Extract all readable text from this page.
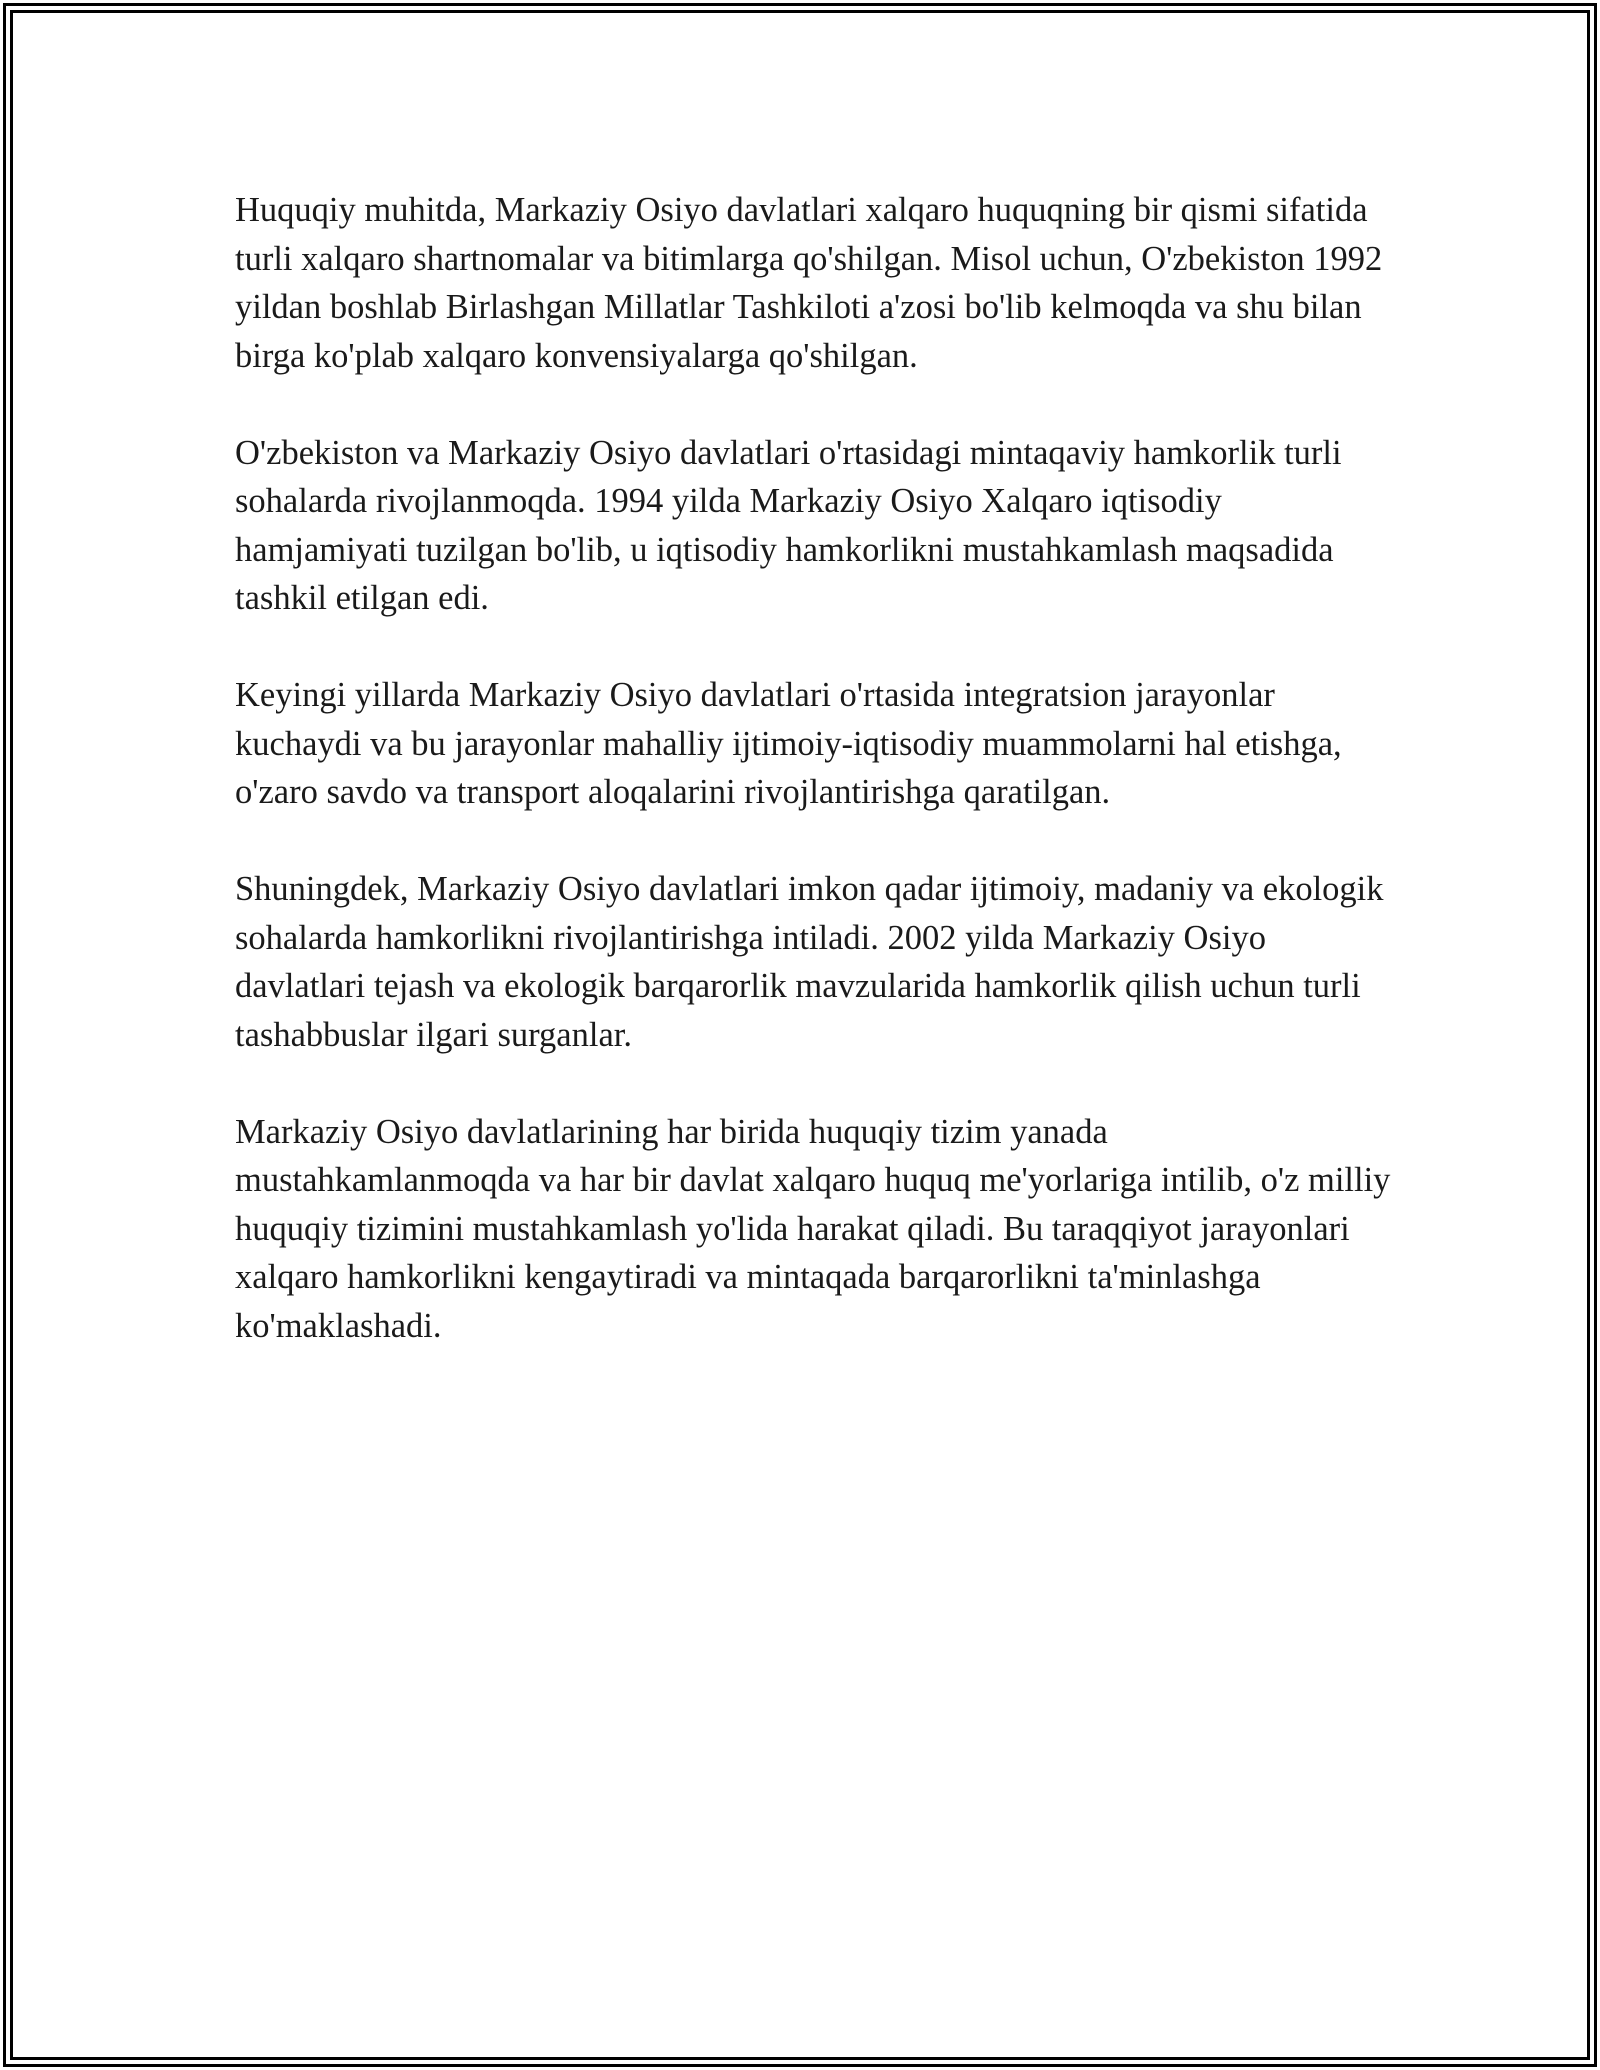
Huquqiy muhitda, Markaziy Osiyo davlatlari xalqaro huquqning bir qismi sifatida turli xalqaro shartnomalar va bitimlarga qo'shilgan. Misol uchun, O'zbekiston 1992 yildan boshlab Birlashgan Millatlar Tashkiloti a'zosi bo'lib kelmoqda va shu bilan birga ko'plab xalqaro konvensiyalarga qo'shilgan.

O'zbekiston va Markaziy Osiyo davlatlari o'rtasidagi mintaqaviy hamkorlik turli sohalarda rivojlanmoqda. 1994 yilda Markaziy Osiyo Xalqaro iqtisodiy hamjamiyati tuzilgan bo'lib, u iqtisodiy hamkorlikni mustahkamlash maqsadida tashkil etilgan edi.

Keyingi yillarda Markaziy Osiyo davlatlari o'rtasida integratsion jarayonlar kuchaydi va bu jarayonlar mahalliy ijtimoiy-iqtisodiy muammolarni hal etishga, o'zaro savdo va transport aloqalarini rivojlantirishga qaratilgan.

Shuningdek, Markaziy Osiyo davlatlari imkon qadar ijtimoiy, madaniy va ekologik sohalarda hamkorlikni rivojlantirishga intiladi. 2002 yilda Markaziy Osiyo davlatlari tejash va ekologik barqarorlik mavzularida hamkorlik qilish uchun turli tashabbuslar ilgari surganlar.

Markaziy Osiyo davlatlarining har birida huquqiy tizim yanada mustahkamlanmoqda va har bir davlat xalqaro huquq me'yorlariga intilib, o'z milliy huquqiy tizimini mustahkamlash yo'lida harakat qiladi. Bu taraqqiyot jarayonlari xalqaro hamkorlikni kengaytiradi va mintaqada barqarorlikni ta'minlashga ko'maklashadi.
